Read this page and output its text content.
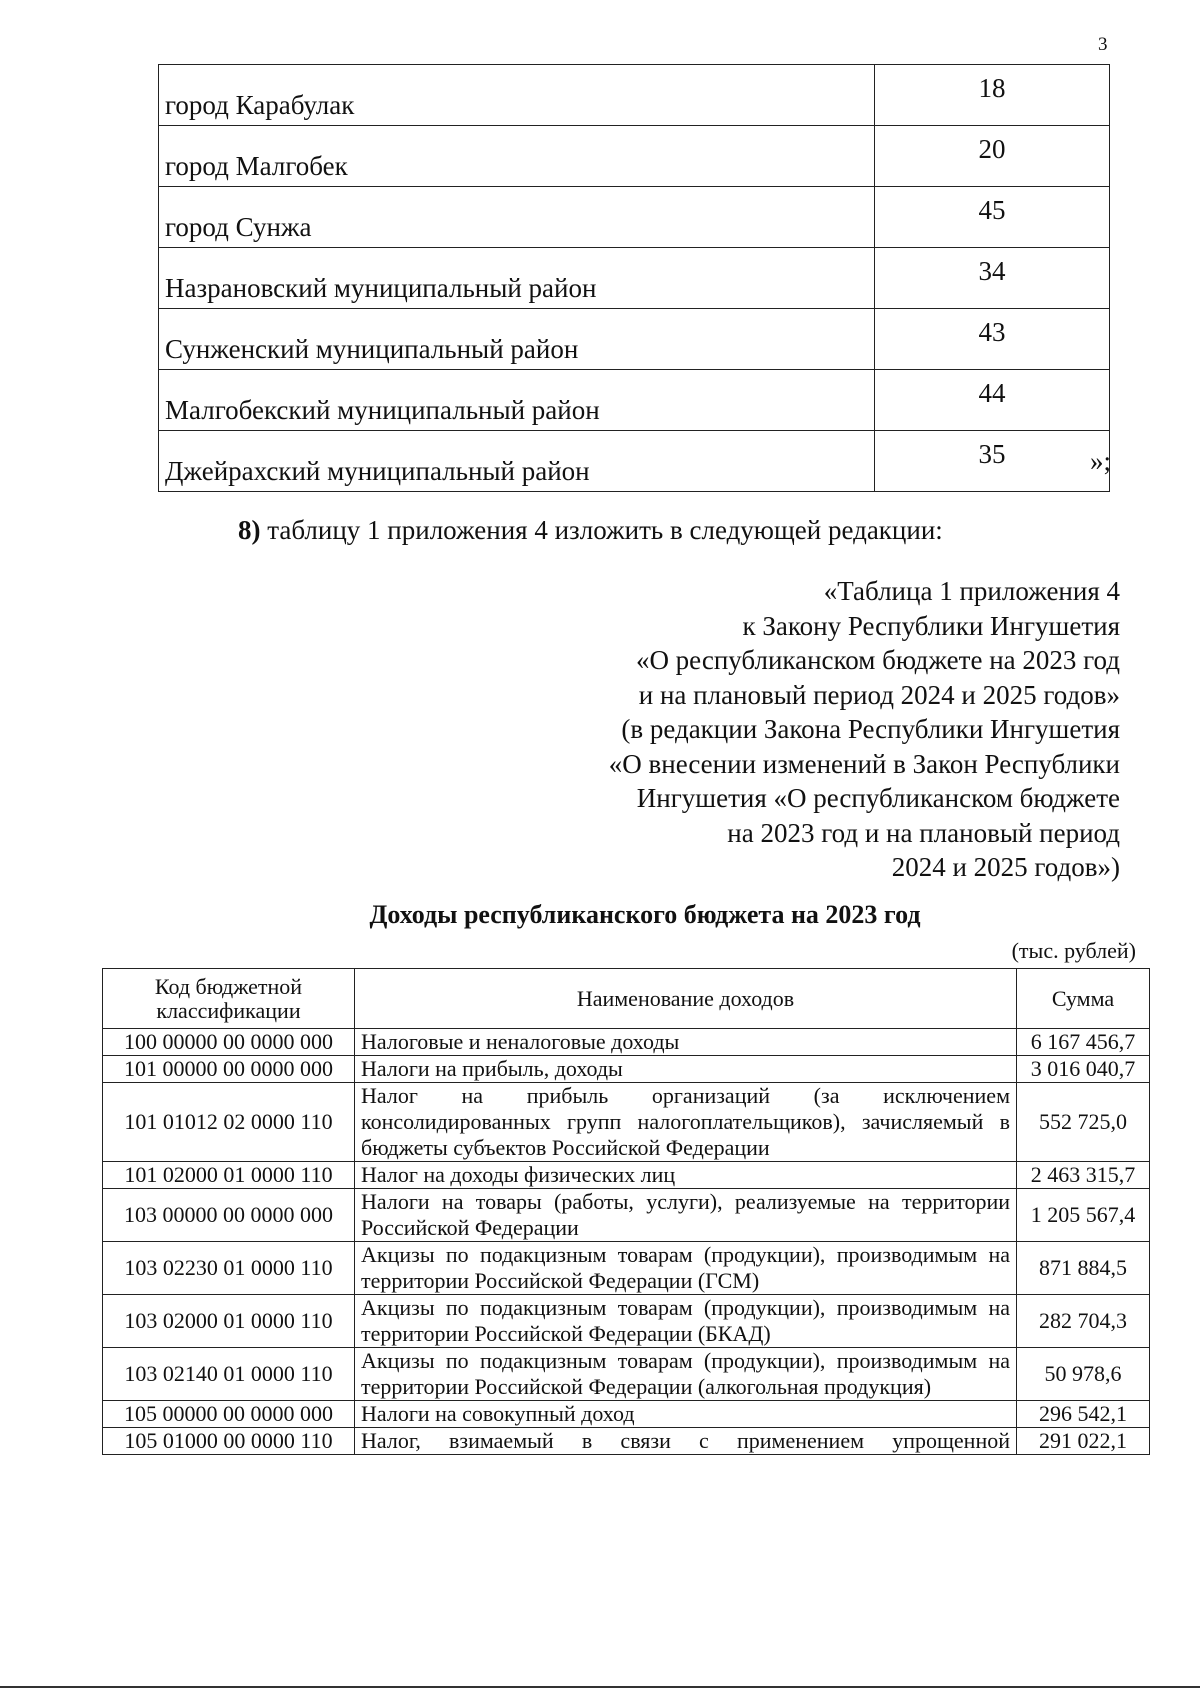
3
город Карабулак	18
город Малгобек	20
город Сунжа	45
Назрановский муниципальный район	34
Сунженский муниципальный район	43
Малгобекский муниципальный район	44
Джейрахский муниципальный район	35	»;
8) таблицу 1 приложения 4 изложить в следующей редакции:
«Таблица 1 приложения 4
к Закону Республики Ингушетия
«О республиканском бюджете на 2023 год
и на плановый период 2024 и 2025 годов»
(в редакции Закона Республики Ингушетия
«О внесении изменений в Закон Республики
Ингушетия «О республиканском бюджете
на 2023 год и на плановый период
2024 и 2025 годов»)
Доходы республиканского бюджета на 2023 год
(тыс. рублей)
Код бюджетной классификации	Наименование доходов	Сумма
100 00000 00 0000 000	Налоговые и неналоговые доходы	6 167 456,7
101 00000 00 0000 000	Налоги на прибыль, доходы	3 016 040,7
101 01012 02 0000 110	Налог на прибыль организаций (за исключением консолидированных групп налогоплательщиков), зачисляемый в бюджеты субъектов Российской Федерации	552 725,0
101 02000 01 0000 110	Налог на доходы физических лиц	2 463 315,7
103 00000 00 0000 000	Налоги на товары (работы, услуги), реализуемые на территории Российской Федерации	1 205 567,4
103 02230 01 0000 110	Акцизы по подакцизным товарам (продукции), производимым на территории Российской Федерации (ГСМ)	871 884,5
103 02000 01 0000 110	Акцизы по подакцизным товарам (продукции), производимым на территории Российской Федерации (БКАД)	282 704,3
103 02140 01 0000 110	Акцизы по подакцизным товарам (продукции), производимым на территории Российской Федерации (алкогольная продукция)	50 978,6
105 00000 00 0000 000	Налоги на совокупный доход	296 542,1
105 01000 00 0000 110	Налог, взимаемый в связи с применением упрощенной	291 022,1
